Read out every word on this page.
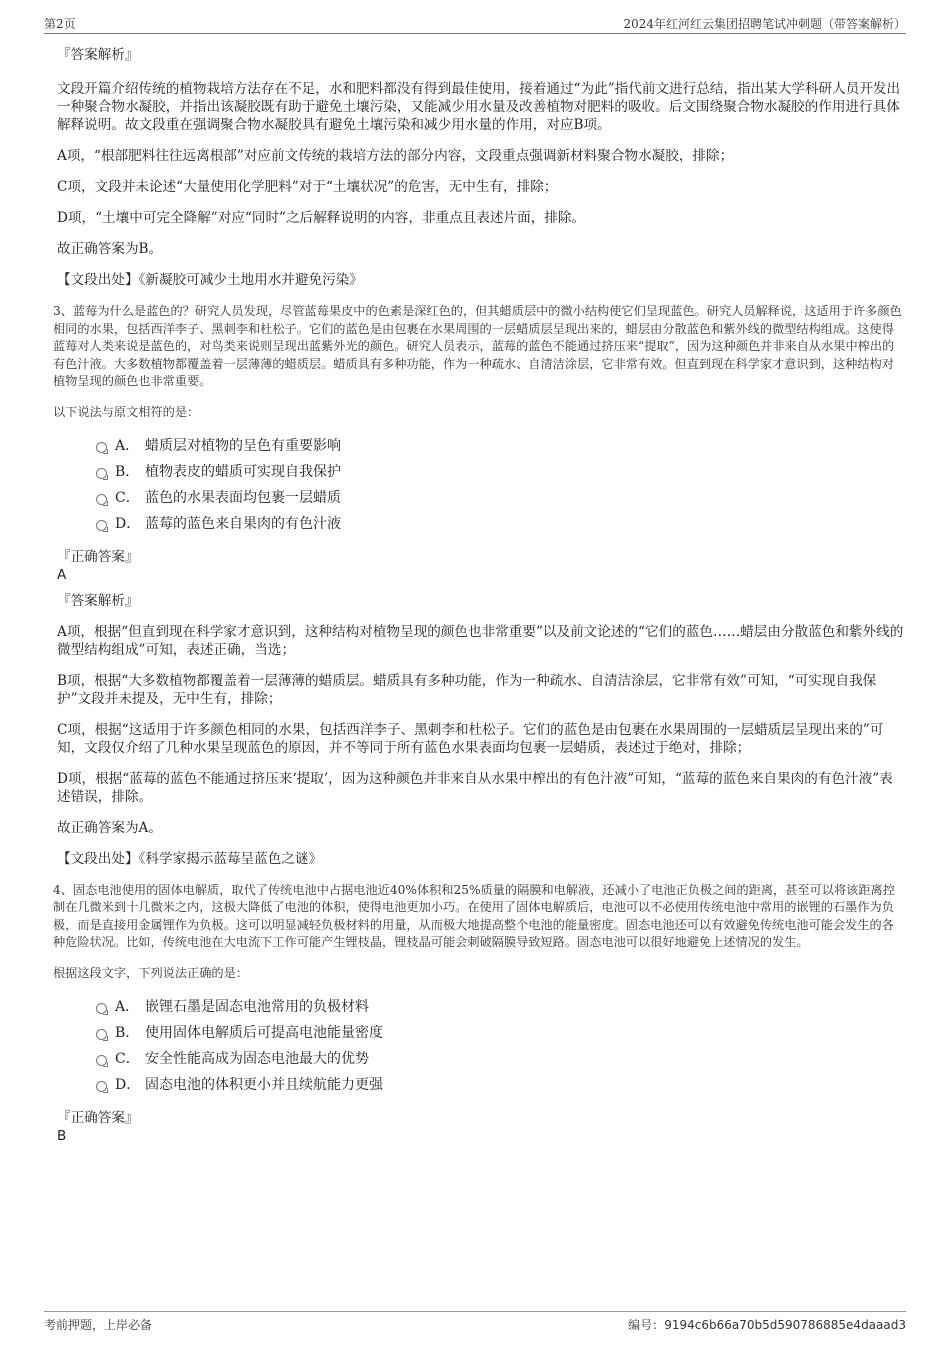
第2页	2024年红河红云集团招聘笔试冲刺题（带答案解析）

『答案解析』

文段开篇介绍传统的植物栽培方法存在不足，水和肥料都没有得到最佳使用，接着通过“为此”指代前文进行总结，指出某大学科研人员开发出一种聚合物水凝胶，并指出该凝胶既有助于避免土壤污染，又能减少用水量及改善植物对肥料的吸收。后文围绕聚合物水凝胶的作用进行具体解释说明。故文段重在强调聚合物水凝胶具有避免土壤污染和减少用水量的作用，对应B项。

A项，“根部肥料往往远离根部”对应前文传统的栽培方法的部分内容，文段重点强调新材料聚合物水凝胶，排除；

C项，文段并未论述“大量使用化学肥料”对于“土壤状况”的危害，无中生有，排除；

D项，“土壤中可完全降解”对应“同时”之后解释说明的内容，非重点且表述片面，排除。

故正确答案为B。

【文段出处】《新凝胶可减少土地用水并避免污染》

3、蓝莓为什么是蓝色的？研究人员发现，尽管蓝莓果皮中的色素是深红色的，但其蜡质层中的微小结构使它们呈现蓝色。研究人员解释说，这适用于许多颜色相同的水果，包括西洋李子、黑刺李和杜松子。它们的蓝色是由包裹在水果周围的一层蜡质层呈现出来的，蜡层由分散蓝色和紫外线的微型结构组成。这使得蓝莓对人类来说是蓝色的，对鸟类来说则呈现出蓝紫外光的颜色。研究人员表示，蓝莓的蓝色不能通过挤压来“提取”，因为这种颜色并非来自从水果中榨出的有色汁液。大多数植物都覆盖着一层薄薄的蜡质层。蜡质具有多种功能，作为一种疏水、自清洁涂层，它非常有效。但直到现在科学家才意识到，这种结构对植物呈现的颜色也非常重要。

以下说法与原文相符的是：

A． 蜡质层对植物的呈色有重要影响
B． 植物表皮的蜡质可实现自我保护
C． 蓝色的水果表面均包裹一层蜡质
D． 蓝莓的蓝色来自果肉的有色汁液

『正确答案』

A

『答案解析』

A项，根据“但直到现在科学家才意识到，这种结构对植物呈现的颜色也非常重要”以及前文论述的“它们的蓝色……蜡层由分散蓝色和紫外线的微型结构组成”可知，表述正确，当选；

B项，根据“大多数植物都覆盖着一层薄薄的蜡质层。蜡质具有多种功能，作为一种疏水、自清洁涂层，它非常有效”可知，“可实现自我保护”文段并未提及，无中生有，排除；

C项，根据“这适用于许多颜色相同的水果，包括西洋李子、黑刺李和杜松子。它们的蓝色是由包裹在水果周围的一层蜡质层呈现出来的”可知，文段仅介绍了几种水果呈现蓝色的原因，并不等同于所有蓝色水果表面均包裹一层蜡质，表述过于绝对，排除；

D项，根据“蓝莓的蓝色不能通过挤压来‘提取’，因为这种颜色并非来自从水果中榨出的有色汁液”可知，“蓝莓的蓝色来自果肉的有色汁液”表述错误，排除。

故正确答案为A。

【文段出处】《科学家揭示蓝莓呈蓝色之谜》

4、固态电池使用的固体电解质，取代了传统电池中占据电池近40%体积和25%质量的隔膜和电解液，还减小了电池正负极之间的距离，甚至可以将该距离控制在几微米到十几微米之内，这极大降低了电池的体积，使得电池更加小巧。在使用了固体电解质后，电池可以不必使用传统电池中常用的嵌锂的石墨作为负极，而是直接用金属锂作为负极。这可以明显减轻负极材料的用量，从而极大地提高整个电池的能量密度。固态电池还可以有效避免传统电池可能会发生的各种危险状况。比如，传统电池在大电流下工作可能产生锂枝晶，锂枝晶可能会刺破隔膜导致短路。固态电池可以很好地避免上述情况的发生。

根据这段文字，下列说法正确的是：

A． 嵌锂石墨是固态电池常用的负极材料
B． 使用固体电解质后可提高电池能量密度
C． 安全性能高成为固态电池最大的优势
D． 固态电池的体积更小并且续航能力更强

『正确答案』

B

考前押题，上岸必备	编号：9194c6b66a70b5d590786885e4daaad3
